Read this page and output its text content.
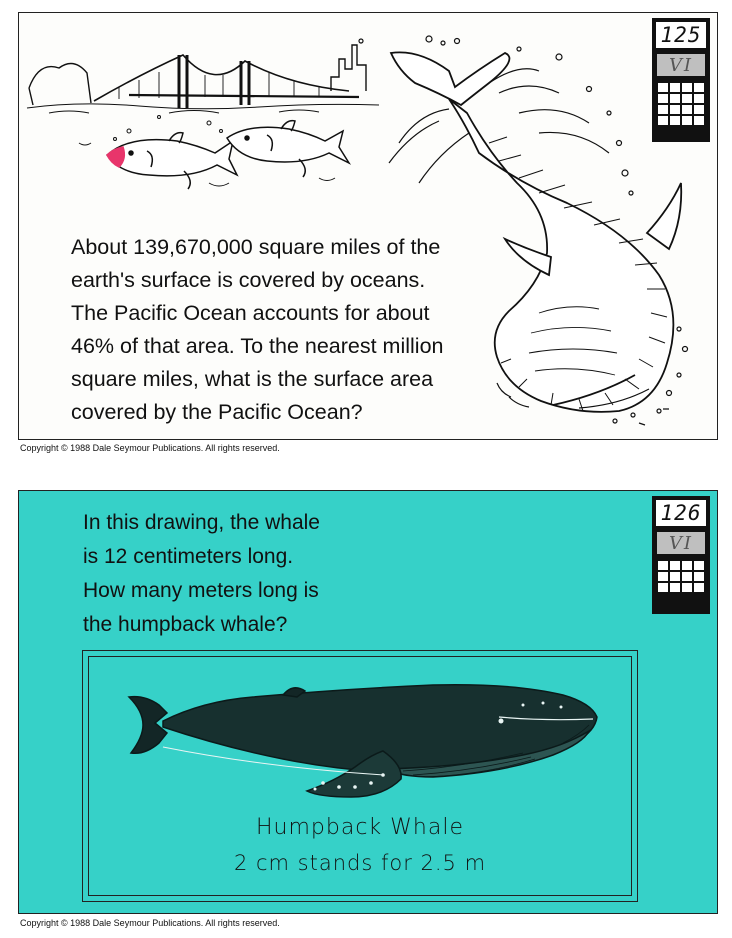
About 139,670,000 square miles of the
earth's surface is covered by oceans.
The Pacific Ocean accounts for about
46% of that area. To the nearest million
square miles, what is the surface area
covered by the Pacific Ocean?

125
VI
Copyright © 1988 Dale Seymour Publications. All rights reserved.

In this drawing, the whale
is 12 centimeters long.
How many meters long is
the humpback whale?

126
VI
Humpback Whale
2 cm stands for 2.5 m
Copyright © 1988 Dale Seymour Publications. All rights reserved.
